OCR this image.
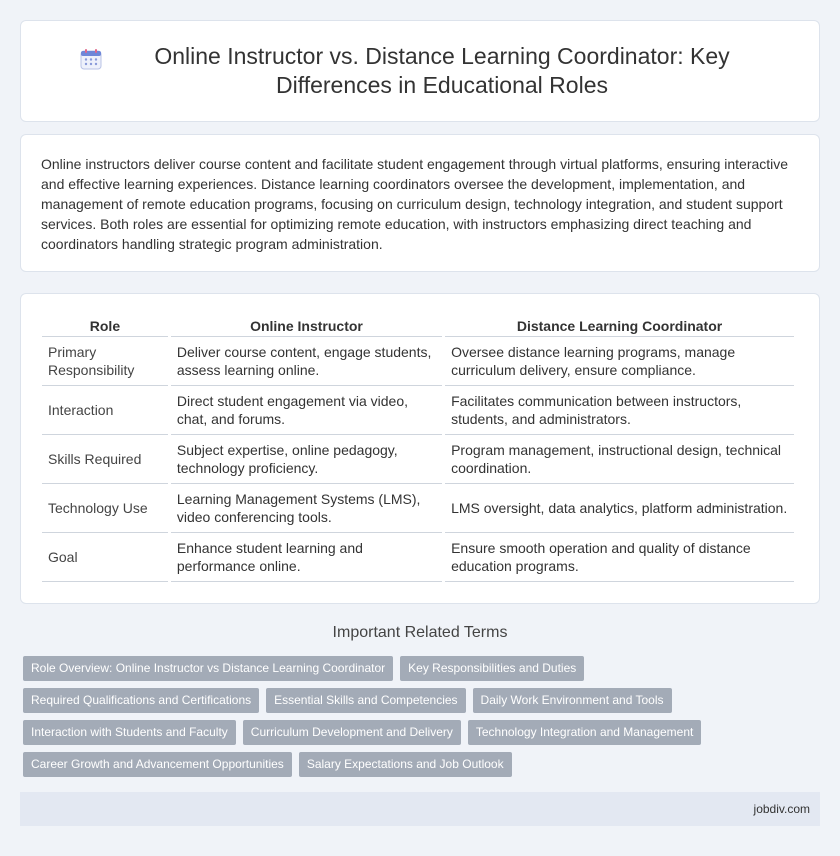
Online Instructor vs. Distance Learning Coordinator: Key Differences in Educational Roles

Online instructors deliver course content and facilitate student engagement through virtual platforms, ensuring interactive and effective learning experiences. Distance learning coordinators oversee the development, implementation, and management of remote education programs, focusing on curriculum design, technology integration, and student support services. Both roles are essential for optimizing remote education, with instructors emphasizing direct teaching and coordinators handling strategic program administration.

Role	Online Instructor	Distance Learning Coordinator
Primary Responsibility	Deliver course content, engage students, assess learning online.	Oversee distance learning programs, manage curriculum delivery, ensure compliance.
Interaction	Direct student engagement via video, chat, and forums.	Facilitates communication between instructors, students, and administrators.
Skills Required	Subject expertise, online pedagogy, technology proficiency.	Program management, instructional design, technical coordination.
Technology Use	Learning Management Systems (LMS), video conferencing tools.	LMS oversight, data analytics, platform administration.
Goal	Enhance student learning and performance online.	Ensure smooth operation and quality of distance education programs.
Important Related Terms
Role Overview: Online Instructor vs Distance Learning Coordinator	Key Responsibilities and Duties
Required Qualifications and Certifications	Essential Skills and Competencies	Daily Work Environment and Tools
Interaction with Students and Faculty	Curriculum Development and Delivery	Technology Integration and Management
Career Growth and Advancement Opportunities	Salary Expectations and Job Outlook
jobdiv.com
